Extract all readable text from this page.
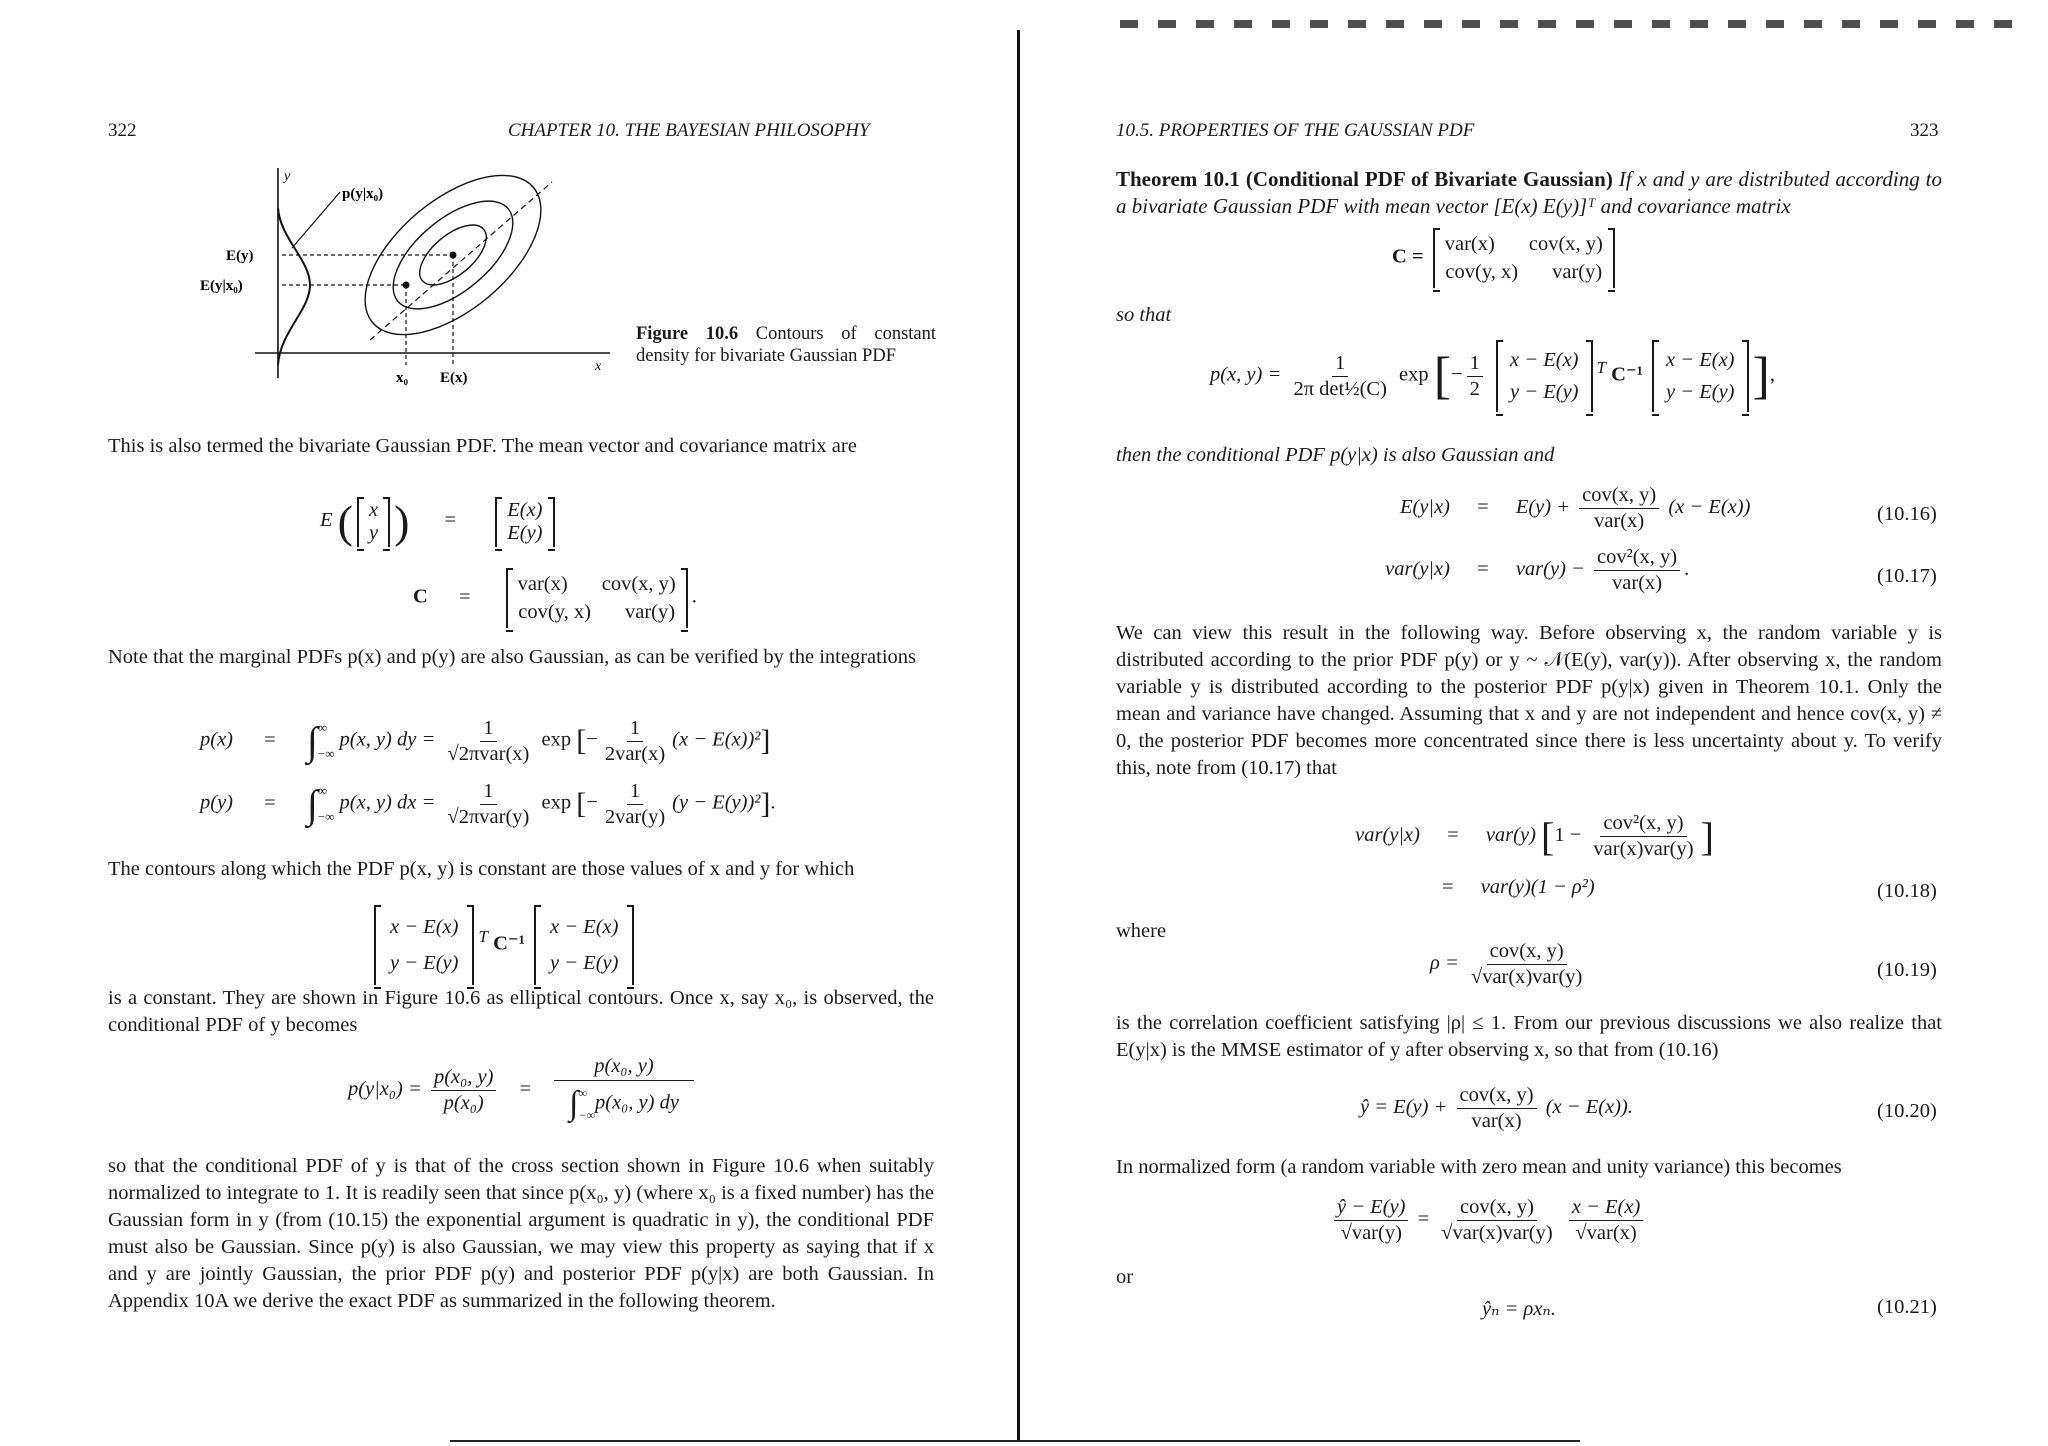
322	CHAPTER 10. THE BAYESIAN PHILOSOPHY
y
x
p(y|x₀)
E(y)
E(y|x₀)
x₀ E(x)
Figure 10.6 Contours of constant density for bivariate Gaussian PDF
This is also termed the bivariate Gaussian PDF. The mean vector and covariance matrix are
E ( x
y ) = E(x)
E(y)
C =
var(x) cov(x, y)
cov(y, x) var(y)
.
Note that the marginal PDFs p(x) and p(y) are also Gaussian, as can be verified by the integrations
p(x) = ∫ ∞
−∞
p(x, y) dy = $\frac{1}{\text{√2πvar(x)}}$ exp [− $\frac{1}{\text{2var(x)}} (x - E(x))^2$]
p(y) = ∫ ∞
−∞
p(x, y) dx = $\frac{1}{\text{√2πvar(y)}}$ exp [− $\frac{1}{\text{2var(y)}} (y - E(y))^2$].
The contours along which the PDF p(x, y) is constant are those values of x and y for which
x − E(x)
y − E(y)
$^T$ C⁻¹
x − E(x)
y − E(y)
is a constant. They are shown in Figure 10.6 as elliptical contours. Once x, say x₀, is observed, the conditional PDF of y becomes
$p(y|x_0) = \frac{\text{p(x₀, y)}}{\text{p(x₀)}} = p(x_0$, y)
∫ ∞
−∞
p(x₀, y) dy
so that the conditional PDF of y is that of the cross section shown in Figure 10.6 when suitably normalized to integrate to 1. It is readily seen that since p(x₀, y) (where x₀ is a fixed number) has the Gaussian form in y (from (10.15) the exponential argument is quadratic in y), the conditional PDF must also be Gaussian. Since p(y) is also Gaussian, we may view this property as saying that if x and y are jointly Gaussian, the prior PDF p(y) and posterior PDF p(y|x) are both Gaussian. In Appendix 10A we derive the exact PDF as summarized in the following theorem.
10.5. PROPERTIES OF THE GAUSSIAN PDF	323
Theorem 10.1 (Conditional PDF of Bivariate Gaussian) If x and y are distributed according to a bivariate Gaussian PDF with mean vector [E(x) E(y)]ᵀ and covariance matrix
C =
var(x) cov(x, y)
cov(y, x) var(y)
so that
p(x, $y) = \frac{1}{\text{2π det½(C)}}$ exp [− $\frac{1}{2}$
x − E(x)
y − E(y)
$^T$ C⁻¹
x − E(x)
y − E(y) ],
then the conditional PDF p(y|x) is also Gaussian and
$E(y|x) = E(y) + \frac{\text{cov(x, y)}}{\text{var(x)}} (x - E(x))$	(10.16)
$var(y|x) = var(y) - \frac{\text{cov²(x, y)}}{\text{var(x)}}$ .	(10.17)
We can view this result in the following way. Before observing x, the random variable y is distributed according to the prior PDF p(y) or y ~ 𝒩(E(y), var(y)). After observing x, the random variable y is distributed according to the posterior PDF p(y|x) given in Theorem 10.1. Only the mean and variance have changed. Assuming that x and y are not independent and hence cov(x, y) ≠ 0, the posterior PDF becomes more concentrated since there is less uncertainty about y. To verify this, note from (10.17) that
var(y|x) = var(y) [$1 - \frac{\text{cov²(x, y)}}{\text{var(x)var(y)}}$ ]
= var(y)(1 − ρ²)	(10.18)
where
$\rho = \frac{\text{cov(x, y)}}{\text{√var(x)var(y)}}$	(10.19)
is the correlation coefficient satisfying |ρ| ≤ 1. From our previous discussions we also realize that E(y|x) is the MMSE estimator of y after observing x, so that from (10.16)
ŷ = $E(y) + \frac{\text{cov(x, y)}}{\text{var(x)}} (x - E(x))$.	(10.20)
In normalized form (a random variable with zero mean and unity variance) this becomes
$\frac{ŷ - E(y)}{\text{√var(y)}} = \frac{\text{cov(x, y)}}{\text{√var(x)var(y)}}$
$\frac{x - E(x)}{\text{√var(x)}}$
or
ŷₙ = ρxₙ.	(10.21)
